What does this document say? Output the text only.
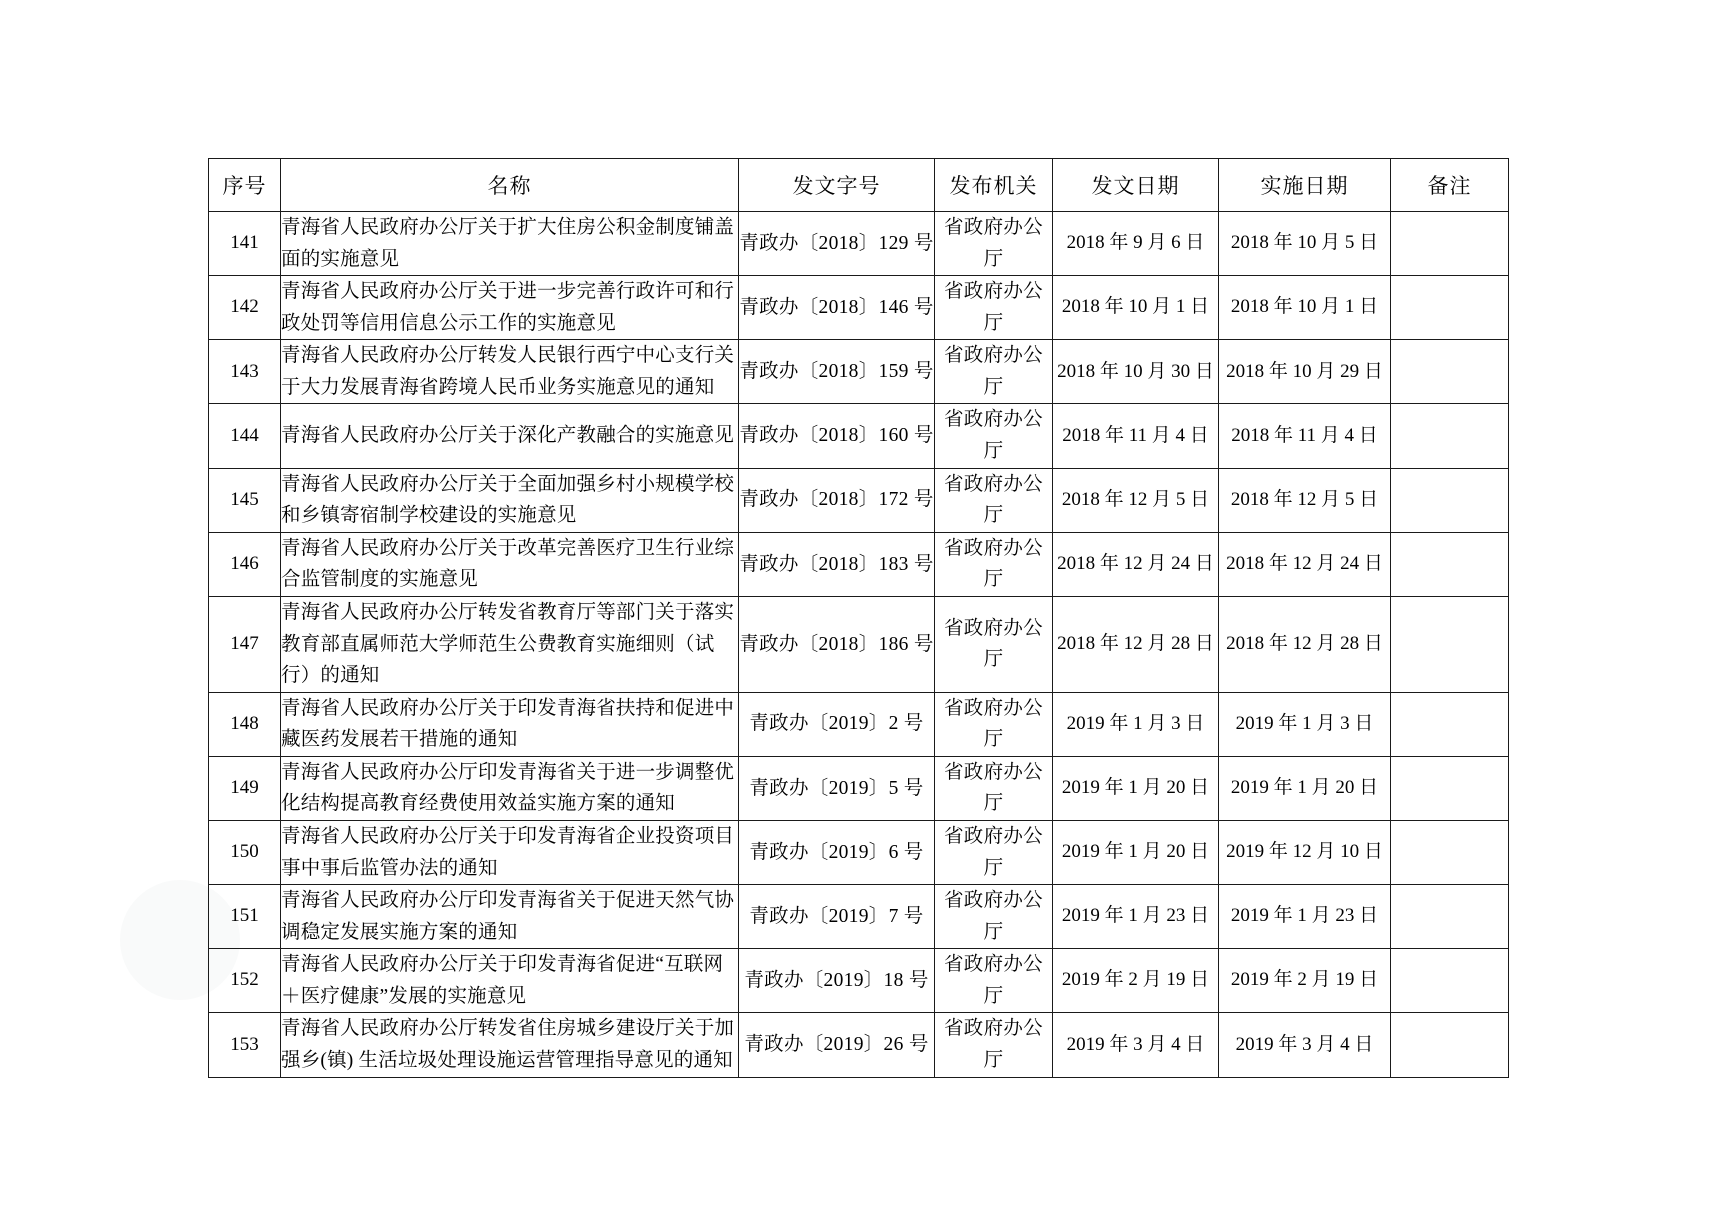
序号	名称	发文字号	发布机关	发文日期	实施日期	备注
141	青海省人民政府办公厅关于扩大住房公积金制度铺盖面的实施意见	青政办〔2018〕129 号	省政府办公厅	2018 年 9 月 6 日	2018 年 10 月 5 日	
142	青海省人民政府办公厅关于进一步完善行政许可和行政处罚等信用信息公示工作的实施意见	青政办〔2018〕146 号	省政府办公厅	2018 年 10 月 1 日	2018 年 10 月 1 日	
143	青海省人民政府办公厅转发人民银行西宁中心支行关于大力发展青海省跨境人民币业务实施意见的通知	青政办〔2018〕159 号	省政府办公厅	2018 年 10 月 30 日	2018 年 10 月 29 日	
144	青海省人民政府办公厅关于深化产教融合的实施意见	青政办〔2018〕160 号	省政府办公厅	2018 年 11 月 4 日	2018 年 11 月 4 日	
145	青海省人民政府办公厅关于全面加强乡村小规模学校和乡镇寄宿制学校建设的实施意见	青政办〔2018〕172 号	省政府办公厅	2018 年 12 月 5 日	2018 年 12 月 5 日	
146	青海省人民政府办公厅关于改革完善医疗卫生行业综合监管制度的实施意见	青政办〔2018〕183 号	省政府办公厅	2018 年 12 月 24 日	2018 年 12 月 24 日	
147	青海省人民政府办公厅转发省教育厅等部门关于落实教育部直属师范大学师范生公费教育实施细则（试行）的通知	青政办〔2018〕186 号	省政府办公厅	2018 年 12 月 28 日	2018 年 12 月 28 日	
148	青海省人民政府办公厅关于印发青海省扶持和促进中藏医药发展若干措施的通知	青政办〔2019〕2 号	省政府办公厅	2019 年 1 月 3 日	2019 年 1 月 3 日	
149	青海省人民政府办公厅印发青海省关于进一步调整优化结构提高教育经费使用效益实施方案的通知	青政办〔2019〕5 号	省政府办公厅	2019 年 1 月 20 日	2019 年 1 月 20 日	
150	青海省人民政府办公厅关于印发青海省企业投资项目事中事后监管办法的通知	青政办〔2019〕6 号	省政府办公厅	2019 年 1 月 20 日	2019 年 12 月 10 日	
151	青海省人民政府办公厅印发青海省关于促进天然气协调稳定发展实施方案的通知	青政办〔2019〕7 号	省政府办公厅	2019 年 1 月 23 日	2019 年 1 月 23 日	
152	青海省人民政府办公厅关于印发青海省促进“互联网＋医疗健康”发展的实施意见	青政办〔2019〕18 号	省政府办公厅	2019 年 2 月 19 日	2019 年 2 月 19 日	
153	青海省人民政府办公厅转发省住房城乡建设厅关于加强乡(镇) 生活垃圾处理设施运营管理指导意见的通知	青政办〔2019〕26 号	省政府办公厅	2019 年 3 月 4 日	2019 年 3 月 4 日	
